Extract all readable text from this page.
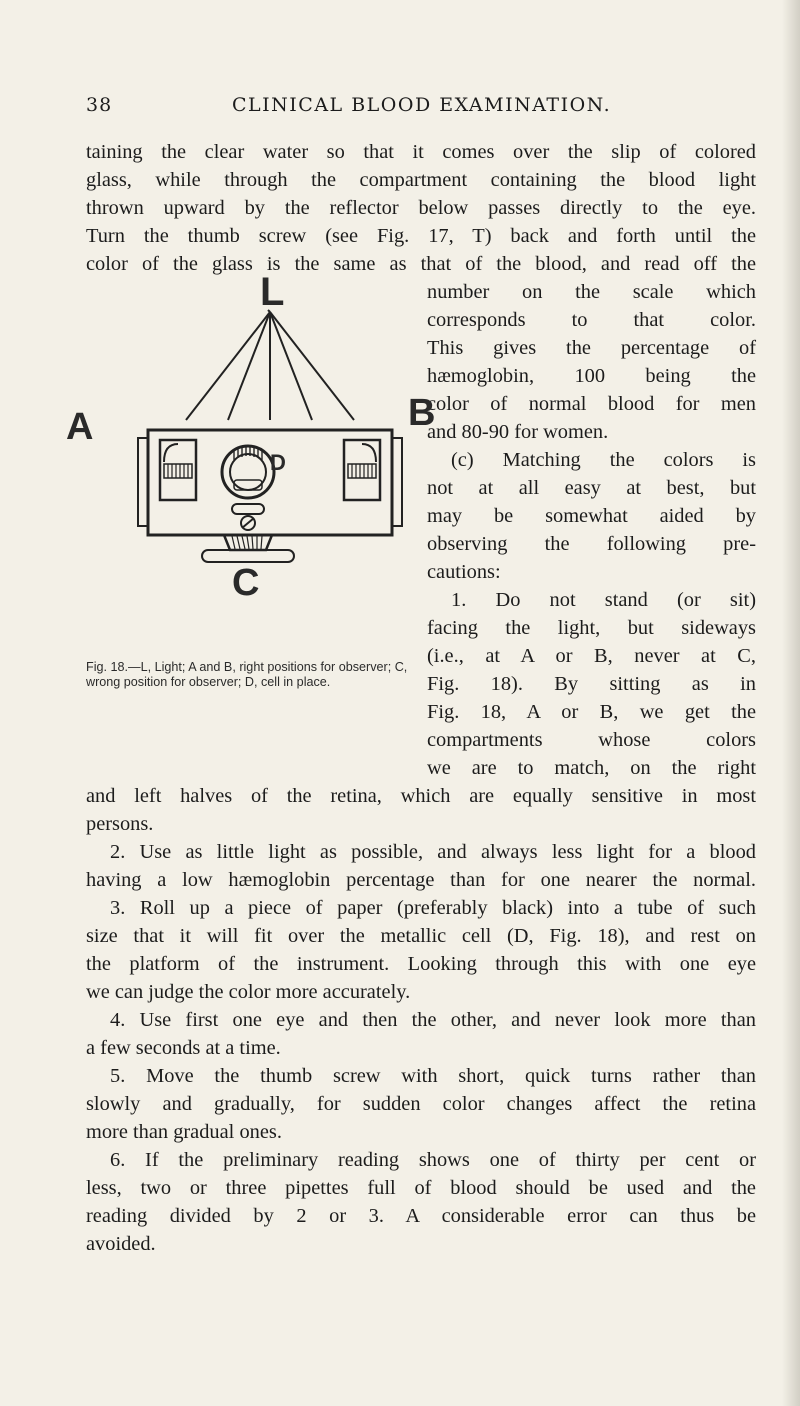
38	CLINICAL BLOOD EXAMINATION.
taining the clear water so that it comes over the slip of colored
glass, while through the compartment containing the blood light
thrown upward by the reflector below passes directly to the eye.
Turn the thumb screw (see Fig. 17, T) back and forth until the
color of the glass is the same as that of the blood, and read off the
number on the scale which
corresponds to that color.
This gives the percentage of
hæmoglobin, 100 being the
color of normal blood for men
and 80-90 for women.
(c) Matching the colors is
not at all easy at best, but
may be somewhat aided by
observing the following pre-
cautions:
1. Do not stand (or sit)
facing the light, but sideways
(i.e., at A or B, never at C,
Fig. 18). By sitting as in
Fig. 18, A or B, we get the
compartments whose colors
we are to match, on the right
and left halves of the retina, which are equally sensitive in most
persons.
2. Use as little light as possible, and always less light for a blood
having a low hæmoglobin percentage than for one nearer the normal.
3. Roll up a piece of paper (preferably black) into a tube of such
size that it will fit over the metallic cell (D, Fig. 18), and rest on
the platform of the instrument. Looking through this with one eye
we can judge the color more accurately.
4. Use first one eye and then the other, and never look more than
a few seconds at a time.
5. Move the thumb screw with short, quick turns rather than
slowly and gradually, for sudden color changes affect the retina
more than gradual ones.
6. If the preliminary reading shows one of thirty per cent or
less, two or three pipettes full of blood should be used and the
reading divided by 2 or 3. A considerable error can thus be
avoided.
L
A	B
D
C
Fig. 18.—L, Light; A and B, right positions for observer; C, wrong position for observer; D, cell in place.
